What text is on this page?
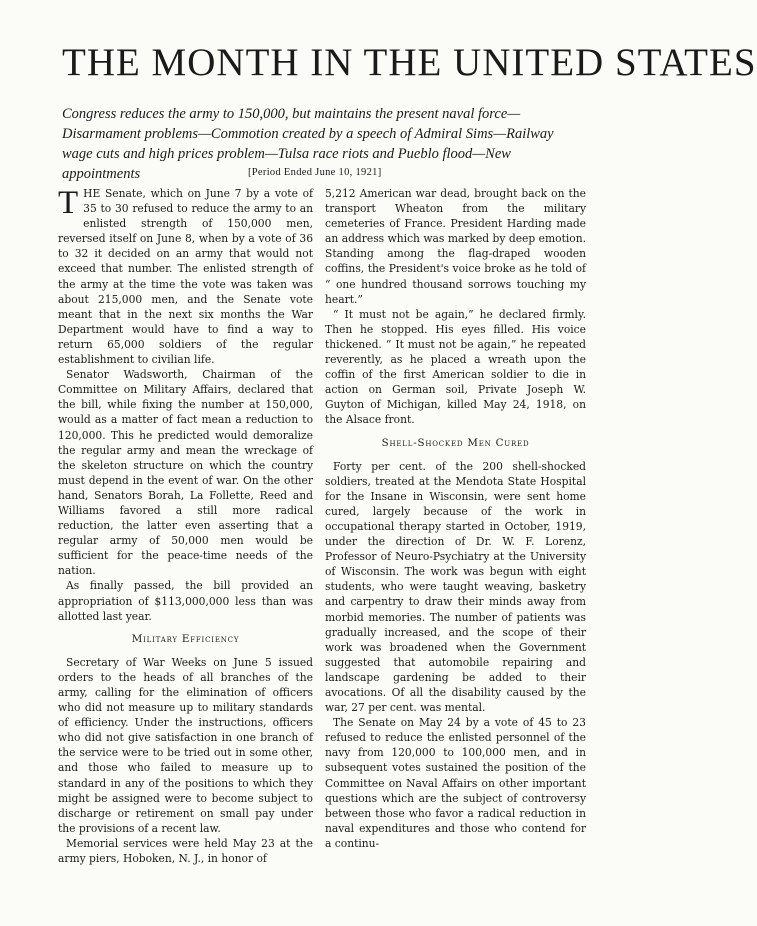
THE MONTH IN THE UNITED STATES

Congress reduces the army to 150,000, but maintains the present naval force—Disarmament problems—Commotion created by a speech of Admiral Sims—Railway wage cuts and high prices problem—Tulsa race riots and Pueblo flood—New appointments	[Period Ended June 10, 1921]

THE Senate, which on June 7 by a vote of 35 to 30 refused to reduce the army to an enlisted strength of 150,000 men, reversed itself on June 8, when by a vote of 36 to 32 it decided on an army that would not exceed that number. The enlisted strength of the army at the time the vote was taken was about 215,000 men, and the Senate vote meant that in the next six months the War Department would have to find a way to return 65,000 soldiers of the regular establishment to civilian life.

Senator Wadsworth, Chairman of the Committee on Military Affairs, declared that the bill, while fixing the number at 150,000, would as a matter of fact mean a reduction to 120,000. This he predicted would demoralize the regular army and mean the wreckage of the skeleton structure on which the country must depend in the event of war. On the other hand, Senators Borah, La Follette, Reed and Williams favored a still more radical reduction, the latter even asserting that a regular army of 50,000 men would be sufficient for the peace-time needs of the nation.

As finally passed, the bill provided an appropriation of $113,000,000 less than was allotted last year.

Military Efficiency

Secretary of War Weeks on June 5 issued orders to the heads of all branches of the army, calling for the elimination of officers who did not measure up to military standards of efficiency. Under the instructions, officers who did not give satisfaction in one branch of the service were to be tried out in some other, and those who failed to measure up to standard in any of the positions to which they might be assigned were to become subject to discharge or retirement on small pay under the provisions of a recent law.

Memorial services were held May 23 at the army piers, Hoboken, N. J., in honor of

5,212 American war dead, brought back on the transport Wheaton from the military cemeteries of France. President Harding made an address which was marked by deep emotion. Standing among the flag-draped wooden coffins, the President's voice broke as he told of “ one hundred thousand sorrows touching my heart.”

“ It must not be again,” he declared firmly. Then he stopped. His eyes filled. His voice thickened. “ It must not be again,” he repeated reverently, as he placed a wreath upon the coffin of the first American soldier to die in action on German soil, Private Joseph W. Guyton of Michigan, killed May 24, 1918, on the Alsace front.

Shell-Shocked Men Cured

Forty per cent. of the 200 shell-shocked soldiers, treated at the Mendota State Hospital for the Insane in Wisconsin, were sent home cured, largely because of the work in occupational therapy started in October, 1919, under the direction of Dr. W. F. Lorenz, Professor of Neuro-Psychiatry at the University of Wisconsin. The work was begun with eight students, who were taught weaving, basketry and carpentry to draw their minds away from morbid memories. The number of patients was gradually increased, and the scope of their work was broadened when the Government suggested that automobile repairing and landscape gardening be added to their avocations. Of all the disability caused by the war, 27 per cent. was mental.

The Senate on May 24 by a vote of 45 to 23 refused to reduce the enlisted personnel of the navy from 120,000 to 100,000 men, and in subsequent votes sustained the position of the Committee on Naval Affairs on other important questions which are the subject of controversy between those who favor a radical reduction in naval expenditures and those who contend for a continu-
